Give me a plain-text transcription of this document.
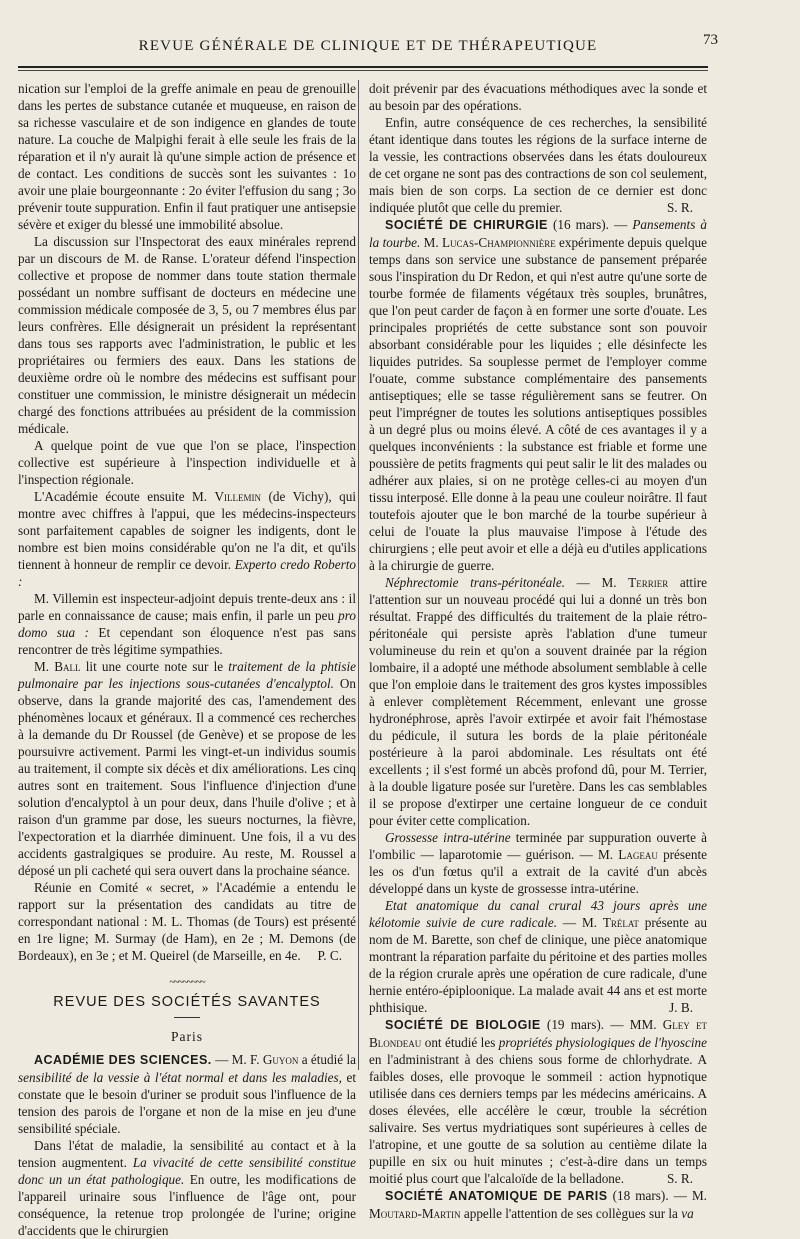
REVUE GÉNÉRALE DE CLINIQUE ET DE THÉRAPEUTIQUE	73

nication sur l'emploi de la greffe animale en peau de grenouille dans les pertes de substance cutanée et muqueuse, en raison de sa richesse vasculaire et de son indigence en glandes de toute nature. La couche de Malpighi ferait à elle seule les frais de la réparation et il n'y aurait là qu'une simple action de présence et de contact. Les conditions de succès sont les suivantes : 1o avoir une plaie bourgeonnante : 2o éviter l'effusion du sang ; 3o prévenir toute suppuration. Enfin il faut pratiquer une antisepsie sévère et exiger du blessé une immobilité absolue.

La discussion sur l'Inspectorat des eaux minérales reprend par un discours de M. de Ranse. L'orateur défend l'inspection collective et propose de nommer dans toute station thermale possédant un nombre suffisant de docteurs en médecine une commission médicale composée de 3, 5, ou 7 membres élus par leurs confrères. Elle désignerait un président la représentant dans tous ses rapports avec l'administration, le public et les propriétaires ou fermiers des eaux. Dans les stations de deuxième ordre où le nombre des médecins est suffisant pour constituer une commission, le ministre désignerait un médecin chargé des fonctions attribuées au président de la commission médicale.

A quelque point de vue que l'on se place, l'inspection collective est supérieure à l'inspection individuelle et à l'inspection régionale.

L'Académie écoute ensuite M. Villemin (de Vichy), qui montre avec chiffres à l'appui, que les médecins-inspecteurs sont parfaitement capables de soigner les indigents, dont le nombre est bien moins considérable qu'on ne l'a dit, et qu'ils tiennent à honneur de remplir ce devoir. Experto credo Roberto :

M. Villemin est inspecteur-adjoint depuis trente-deux ans : il parle en connaissance de cause; mais enfin, il parle un peu pro domo sua : Et cependant son éloquence n'est pas sans rencontrer de très légitime sympathies.

M. Ball lit une courte note sur le traitement de la phtisie pulmonaire par les injections sous-cutanées d'encalyptol. On observe, dans la grande majorité des cas, l'amendement des phénomènes locaux et généraux. Il a commencé ces recherches à la demande du Dr Roussel (de Genève) et se propose de les poursuivre activement. Parmi les vingt-et-un individus soumis au traitement, il compte six décès et dix améliorations. Les cinq autres sont en traitement. Sous l'influence d'injection d'une solution d'encalyptol à un pour deux, dans l'huile d'olive ; et à raison d'un gramme par dose, les sueurs nocturnes, la fièvre, l'expectoration et la diarrhée diminuent. Une fois, il a vu des accidents gastralgiques se produire. Au reste, M. Roussel a déposé un pli cacheté qui sera ouvert dans la prochaine séance.

Réunie en Comité « secret, » l'Académie a entendu le rapport sur la présentation des candidats au titre de correspondant national : M. L. Thomas (de Tours) est présenté en 1re ligne; M. Surmay (de Ham), en 2e ; M. Demons (de Bordeaux), en 3e ; et M. Queirel (de Marseille, en 4e.	P. C.

~~~~~~~~
REVUE DES SOCIÉTÉS SAVANTES
Paris

ACADÉMIE DES SCIENCES. — M. F. Guyon a étudié la sensibilité de la vessie à l'état normal et dans les maladies, et constate que le besoin d'uriner se produit sous l'influence de la tension des parois de l'organe et non de la mise en jeu d'une sensibilité spéciale.

Dans l'état de maladie, la sensibilité au contact et à la tension augmentent. La vivacité de cette sensibilité constitue donc un un état pathologique. En outre, les modifications de l'appareil urinaire sous l'influence de l'âge ont, pour conséquence, la retenue trop prolongée de l'urine; origine d'accidents que le chirurgien

doit prévenir par des évacuations méthodiques avec la sonde et au besoin par des opérations.

Enfin, autre conséquence de ces recherches, la sensibilité étant identique dans toutes les régions de la surface interne de la vessie, les contractions observées dans les états douloureux de cet organe ne sont pas des contractions de son col seulement, mais bien de son corps. La section de ce dernier est donc indiquée plutôt que celle du premier.	S. R.

SOCIÉTÉ DE CHIRURGIE (16 mars). — Pansements à la tourbe. M. Lucas-Championnière expérimente depuis quelque temps dans son service une substance de pansement préparée sous l'inspiration du Dr Redon, et qui n'est autre qu'une sorte de tourbe formée de filaments végétaux très souples, brunâtres, que l'on peut carder de façon à en former une sorte d'ouate. Les principales propriétés de cette substance sont son pouvoir absorbant considérable pour les liquides ; elle désinfecte les liquides putrides. Sa souplesse permet de l'employer comme l'ouate, comme substance complémentaire des pansements antiseptiques; elle se tasse régulièrement sans se feutrer. On peut l'imprégner de toutes les solutions antiseptiques possibles à un degré plus ou moins élevé. A côté de ces avantages il y a quelques inconvénients : la substance est friable et forme une poussière de petits fragments qui peut salir le lit des malades ou adhérer aux plaies, si on ne protège celles-ci au moyen d'un tissu interposé. Elle donne à la peau une couleur noirâtre. Il faut toutefois ajouter que le bon marché de la tourbe supérieur à celui de l'ouate la plus mauvaise l'impose à l'étude des chirurgiens ; elle peut avoir et elle a déjà eu d'utiles applications à la chirurgie de guerre.

Néphrectomie trans-péritonéale. — M. Terrier attire l'attention sur un nouveau procédé qui lui a donné un très bon résultat. Frappé des difficultés du traitement de la plaie rétro-péritonéale qui persiste après l'ablation d'une tumeur volumineuse du rein et qu'on a souvent drainée par la région lombaire, il a adopté une méthode absolument semblable à celle que l'on emploie dans le traitement des gros kystes impossibles à enlever complètement Récemment, enlevant une grosse hydronéphrose, après l'avoir extirpée et avoir fait l'hémostase du pédicule, il sutura les bords de la plaie péritonéale postérieure à la paroi abdominale. Les résultats ont été excellents ; il s'est formé un abcès profond dû, pour M. Terrier, à la double ligature posée sur l'uretère. Dans les cas semblables il se propose d'extirper une certaine longueur de ce conduit pour éviter cette complication.

Grossesse intra-utérine terminée par suppuration ouverte à l'ombilic — laparotomie — guérison. — M. Lageau présente les os d'un fœtus qu'il a extrait de la cavité d'un abcès développé dans un kyste de grossesse intra-utérine.

Etat anatomique du canal crural 43 jours après une kélotomie suivie de cure radicale. — M. Trélat présente au nom de M. Barette, son chef de clinique, une pièce anatomique montrant la réparation parfaite du péritoine et des parties molles de la région crurale après une opération de cure radicale, d'une hernie entéro-épiploonique. La malade avait 44 ans et est morte phthisique.	J. B.

SOCIÉTÉ DE BIOLOGIE (19 mars). — MM. Gley et Blondeau ont étudié les propriétés physiologiques de l'hyoscine en l'administrant à des chiens sous forme de chlorhydrate. A faibles doses, elle provoque le sommeil : action hypnotique utilisée dans ces derniers temps par les médecins américains. A doses élevées, elle accélère le cœur, trouble la sécrétion salivaire. Ses vertus mydriatiques sont supérieures à celles de l'atropine, et une goutte de sa solution au centième dilate la pupille en six ou huit minutes ; c'est-à-dire dans un temps moitié plus court que l'alcaloïde de la belladone.	S. R.

SOCIÉTÉ ANATOMIQUE DE PARIS (18 mars). — M. Moutard-Martin appelle l'attention de ses collègues sur la va
